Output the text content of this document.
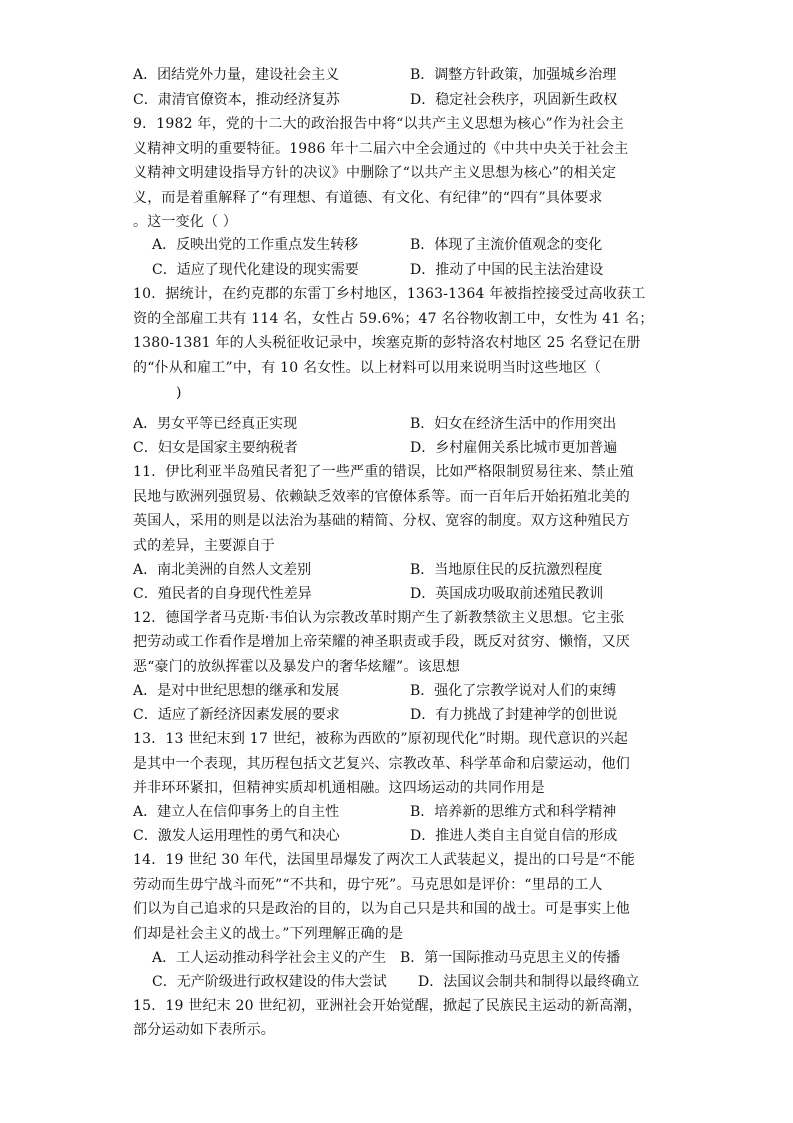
A．团结党外力量，建设社会主义	B．调整方针政策，加强城乡治理
C．肃清官僚资本，推动经济复苏	D．稳定社会秩序，巩固新生政权
9．1982 年，党的十二大的政治报告中将“以共产主义思想为核心”作为社会主
义精神文明的重要特征。1986 年十二届六中全会通过的《中共中央关于社会主
义精神文明建设指导方针的决议》中删除了“以共产主义思想为核心”的相关定
义，而是着重解释了“有理想、有道德、有文化、有纪律”的“四有”具体要求
。这一变化（ ）
A．反映出党的工作重点发生转移	B．体现了主流价值观念的变化
C．适应了现代化建设的现实需要	D．推动了中国的民主法治建设
10．据统计，在约克郡的东雷丁乡村地区，1363-1364 年被指控接受过高收获工
资的全部雇工共有 114 名，女性占 59.6%；47 名谷物收割工中，女性为 41 名；
1380-1381 年的人头税征收记录中，埃塞克斯的彭特洛农村地区 25 名登记在册
的“仆从和雇工”中，有 10 名女性。以上材料可以用来说明当时这些地区（
)
A．男女平等已经真正实现	B．妇女在经济生活中的作用突出
C．妇女是国家主要纳税者	D．乡村雇佣关系比城市更加普遍
11．伊比利亚半岛殖民者犯了一些严重的错误，比如严格限制贸易往来、禁止殖
民地与欧洲列强贸易、依赖缺乏效率的官僚体系等。而一百年后开始拓殖北美的
英国人，采用的则是以法治为基础的精简、分权、宽容的制度。双方这种殖民方
式的差异，主要源自于
A．南北美洲的自然人文差别	B．当地原住民的反抗激烈程度
C．殖民者的自身现代性差异	D．英国成功吸取前述殖民教训
12．德国学者马克斯·韦伯认为宗教改革时期产生了新教禁欲主义思想。它主张
把劳动或工作看作是增加上帝荣耀的神圣职责或手段，既反对贫穷、懒惰，又厌
恶“豪门的放纵挥霍以及暴发户的奢华炫耀”。该思想
A．是对中世纪思想的继承和发展	B．强化了宗教学说对人们的束缚
C．适应了新经济因素发展的要求	D．有力挑战了封建神学的创世说
13．13 世纪末到 17 世纪，被称为西欧的”原初现代化”时期。现代意识的兴起
是其中一个表现，其历程包括文艺复兴、宗教改革、科学革命和启蒙运动，他们
并非环环紧扣，但精神实质却机通相融。这四场运动的共同作用是
A．建立人在信仰事务上的自主性	B．培养新的思维方式和科学精神
C．激发人运用理性的勇气和决心	D．推进人类自主自觉自信的形成
14．19 世纪 30 年代，法国里昂爆发了两次工人武装起义，提出的口号是“不能
劳动而生毋宁战斗而死”“不共和，毋宁死”。马克思如是评价：“里昂的工人
们以为自己追求的只是政治的目的，以为自己只是共和国的战士。可是事实上他
们却是社会主义的战士。”下列理解正确的是
A．工人运动推动科学社会主义的产生 B．第一国际推动马克思主义的传播
C．无产阶级进行政权建设的伟大尝试 D．法国议会制共和制得以最终确立
15．19 世纪末 20 世纪初，亚洲社会开始觉醒，掀起了民族民主运动的新高潮，
部分运动如下表所示。
